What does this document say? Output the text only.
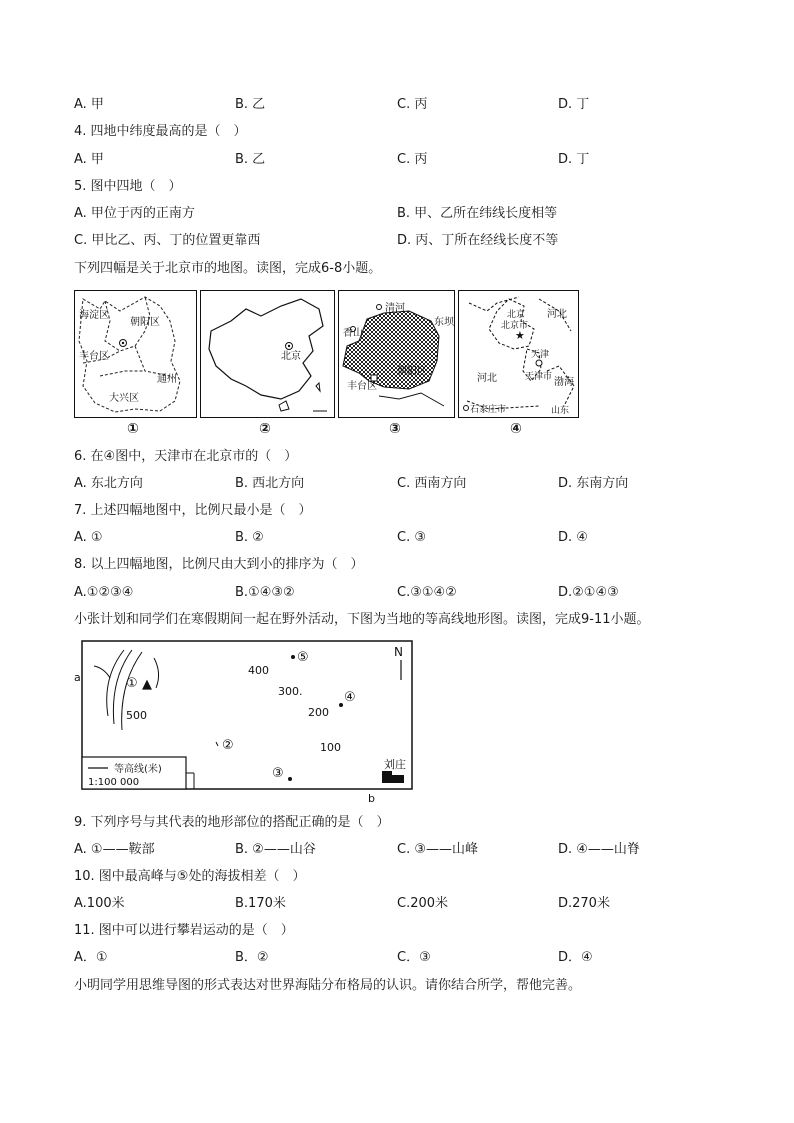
A. 甲	B. 乙	C. 丙	D. 丁
4. 四地中纬度最高的是（　）
A. 甲	B. 乙	C. 丙	D. 丁
5. 图中四地（　）
A. 甲位于丙的正南方	B. 甲、乙所在纬线长度相等
C. 甲比乙、丙、丁的位置更靠西	D. 丙、丁所在经线长度不等
下列四幅是关于北京市的地图。读图，完成6-8小题。
海淀区
朝阳区
丰台区
通州
大兴区
①
北京
②
清河
香山
东坝
丰台区
朝阳区
③
★
北京
北京市
河北
天津
天津市 渤海
河北
石家庄市	山东
④
6. 在④图中，天津市在北京市的（　）
A. 东北方向	B. 西北方向	C. 西南方向	D. 东南方向
7. 上述四幅地图中，比例尺最小是（　）
A. ①	B. ②	C. ③	D. ④
8. 以上四幅地图，比例尺由大到小的排序为（　）
A.①②③④	B.①④③②	C.③①④②	D.②①④③
小张计划和同学们在寒假期间一起在野外活动，下图为当地的等高线地形图。读图，完成9-11小题。
a	① ▲
500
400
300.
200
100
⑤
④
②
③
N
刘庄
等高线(米)
1:100 000
b
9. 下列序号与其代表的地形部位的搭配正确的是（　）
A. ①——鞍部	B. ②——山谷	C. ③——山峰	D. ④——山脊
10. 图中最高峰与⑤处的海拔相差（　）
A.100米	B.170米	C.200米	D.270米
11. 图中可以进行攀岩运动的是（　）
A．①	B．②	C．③	D．④
小明同学用思维导图的形式表达对世界海陆分布格局的认识。请你结合所学，帮他完善。
